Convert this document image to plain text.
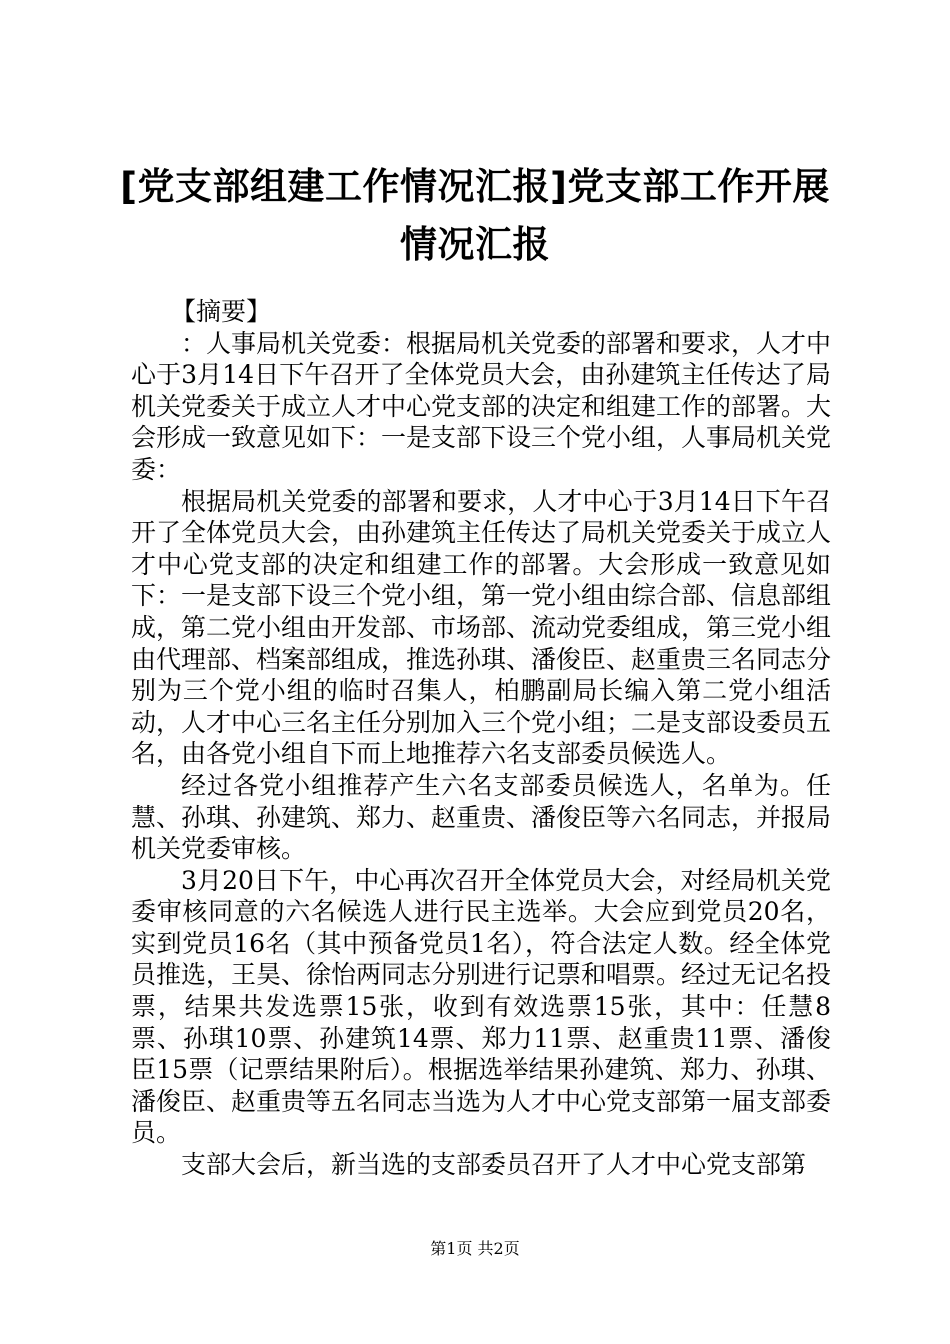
[党支部组建工作情况汇报]党支部工作开展情况汇报
【摘要】

：人事局机关党委：根据局机关党委的部署和要求，人才中心于3月14日下午召开了全体党员大会，由孙建筑主任传达了局机关党委关于成立人才中心党支部的决定和组建工作的部署。大会形成一致意见如下：一是支部下设三个党小组，人事局机关党委：

根据局机关党委的部署和要求，人才中心于3月14日下午召开了全体党员大会，由孙建筑主任传达了局机关党委关于成立人才中心党支部的决定和组建工作的部署。大会形成一致意见如下：一是支部下设三个党小组，第一党小组由综合部、信息部组成，第二党小组由开发部、市场部、流动党委组成，第三党小组由代理部、档案部组成，推选孙琪、潘俊臣、赵重贵三名同志分别为三个党小组的临时召集人，柏鹏副局长编入第二党小组活动，人才中心三名主任分别加入三个党小组；二是支部设委员五名，由各党小组自下而上地推荐六名支部委员候选人。

经过各党小组推荐产生六名支部委员候选人，名单为。任慧、孙琪、孙建筑、郑力、赵重贵、潘俊臣等六名同志，并报局机关党委审核。

3月20日下午，中心再次召开全体党员大会，对经局机关党委审核同意的六名候选人进行民主选举。大会应到党员20名，实到党员16名（其中预备党员1名），符合法定人数。经全体党员推选，王昊、徐怡两同志分别进行记票和唱票。经过无记名投票，结果共发选票15张，收到有效选票15张，其中：任慧8票、孙琪10票、孙建筑14票、郑力11票、赵重贵11票、潘俊臣15票（记票结果附后）。根据选举结果孙建筑、郑力、孙琪、潘俊臣、赵重贵等五名同志当选为人才中心党支部第一届支部委员。

支部大会后，新当选的支部委员召开了人才中心党支部第

第1页 共2页
